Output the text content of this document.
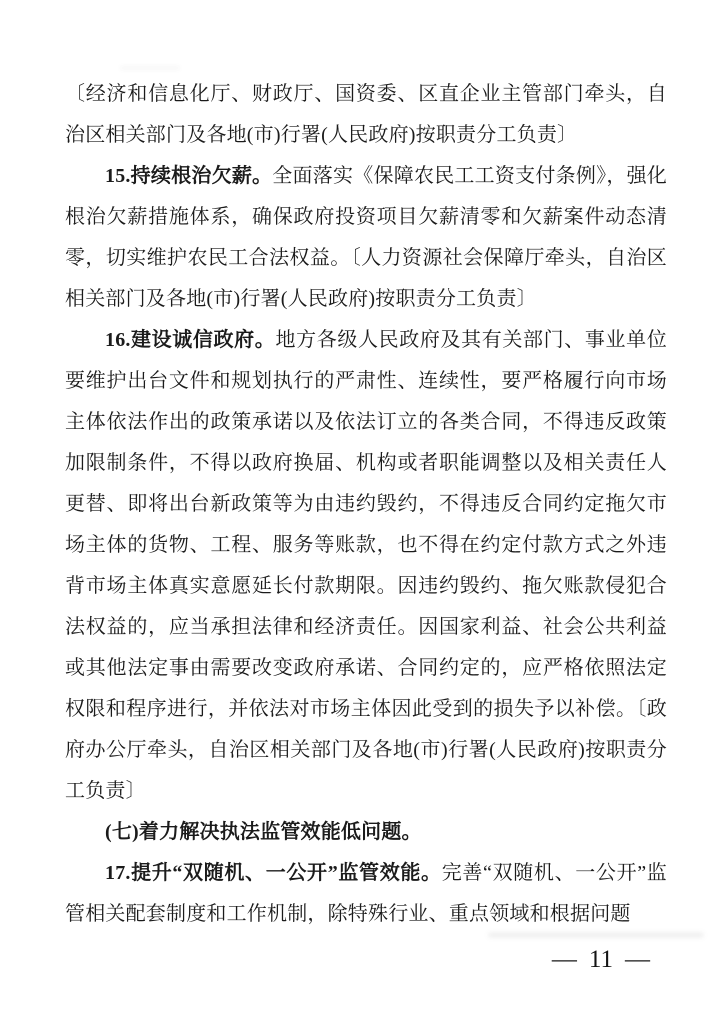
〔经济和信息化厅、财政厅、国资委、区直企业主管部门牵头，自治区相关部门及各地(市)行署(人民政府)按职责分工负责〕

15.持续根治欠薪。全面落实《保障农民工工资支付条例》，强化根治欠薪措施体系，确保政府投资项目欠薪清零和欠薪案件动态清零，切实维护农民工合法权益。〔人力资源社会保障厅牵头，自治区相关部门及各地(市)行署(人民政府)按职责分工负责〕

16.建设诚信政府。地方各级人民政府及其有关部门、事业单位要维护出台文件和规划执行的严肃性、连续性，要严格履行向市场主体依法作出的政策承诺以及依法订立的各类合同，不得违反政策加限制条件，不得以政府换届、机构或者职能调整以及相关责任人更替、即将出台新政策等为由违约毁约，不得违反合同约定拖欠市场主体的货物、工程、服务等账款，也不得在约定付款方式之外违背市场主体真实意愿延长付款期限。因违约毁约、拖欠账款侵犯合法权益的，应当承担法律和经济责任。因国家利益、社会公共利益或其他法定事由需要改变政府承诺、合同约定的，应严格依照法定权限和程序进行，并依法对市场主体因此受到的损失予以补偿。〔政府办公厅牵头，自治区相关部门及各地(市)行署(人民政府)按职责分工负责〕

(七)着力解决执法监管效能低问题。

17.提升“双随机、一公开”监管效能。完善“双随机、一公开”监管相关配套制度和工作机制，除特殊行业、重点领域和根据问题

— 11 —
